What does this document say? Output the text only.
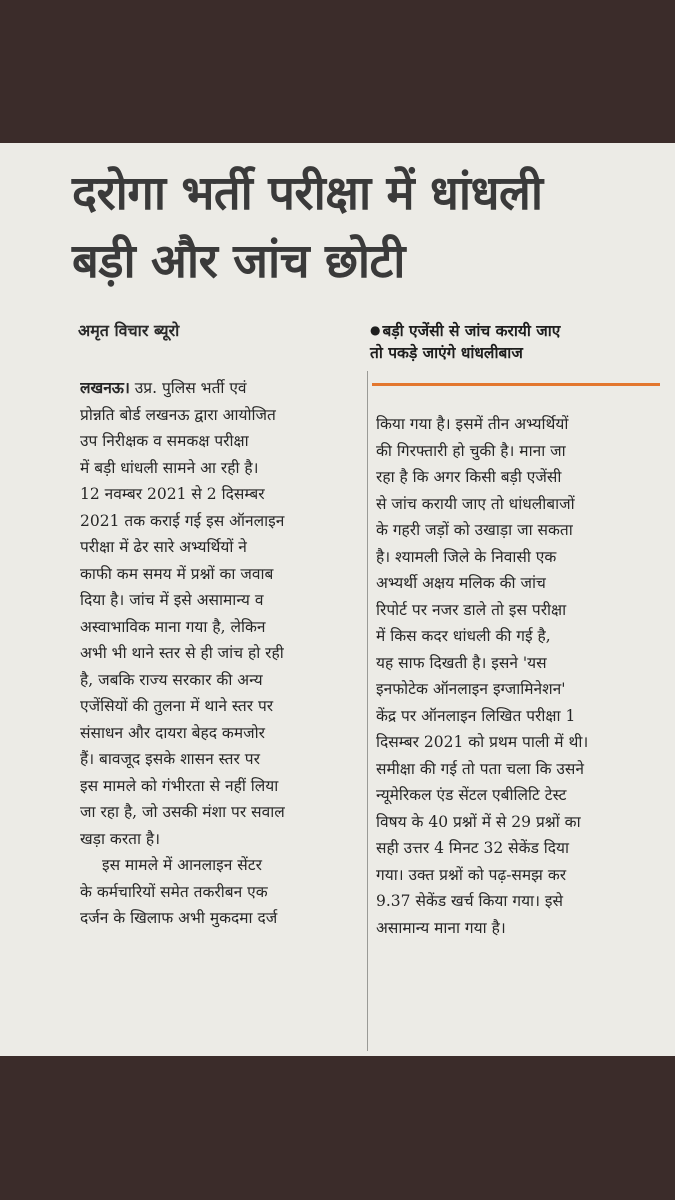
दरोगा भर्ती परीक्षा में धांधली
बड़ी और जांच छोटी
अमृत विचार ब्यूरो	● बड़ी एजेंसी से जांच करायी जाए
तो पकड़े जाएंगे धांधलीबाज
लखनऊ। उप्र. पुलिस भर्ती एवं
प्रोन्नति बोर्ड लखनऊ द्वारा आयोजित
उप निरीक्षक व समकक्ष परीक्षा
में बड़ी धांधली सामने आ रही है।
12 नवम्बर 2021 से 2 दिसम्बर
2021 तक कराई गई इस ऑनलाइन
परीक्षा में ढेर सारे अभ्यर्थियों ने
काफी कम समय में प्रश्नों का जवाब
दिया है। जांच में इसे असामान्य व
अस्वाभाविक माना गया है, लेकिन
अभी भी थाने स्तर से ही जांच हो रही
है, जबकि राज्य सरकार की अन्य
एजेंसियों की तुलना में थाने स्तर पर
संसाधन और दायरा बेहद कमजोर
हैं। बावजूद इसके शासन स्तर पर
इस मामले को गंभीरता से नहीं लिया
जा रहा है, जो उसकी मंशा पर सवाल
खड़ा करता है।
इस मामले में आनलाइन सेंटर
के कर्मचारियों समेत तकरीबन एक
दर्जन के खिलाफ अभी मुकदमा दर्ज
किया गया है। इसमें तीन अभ्यर्थियों
की गिरफ्तारी हो चुकी है। माना जा
रहा है कि अगर किसी बड़ी एजेंसी
से जांच करायी जाए तो धांधलीबाजों
के गहरी जड़ों को उखाड़ा जा सकता
है। श्यामली जिले के निवासी एक
अभ्यर्थी अक्षय मलिक की जांच
रिपोर्ट पर नजर डाले तो इस परीक्षा
में किस कदर धांधली की गई है,
यह साफ दिखती है। इसने 'यस
इनफोटेक ऑनलाइन इग्जामिनेशन'
केंद्र पर ऑनलाइन लिखित परीक्षा 1
दिसम्बर 2021 को प्रथम पाली में थी।
समीक्षा की गई तो पता चला कि उसने
न्यूमेरिकल एंड सेंटल एबीलिटि टेस्ट
विषय के 40 प्रश्नों में से 29 प्रश्नों का
सही उत्तर 4 मिनट 32 सेकेंड दिया
गया। उक्त प्रश्नों को पढ़-समझ कर
9.37 सेकेंड खर्च किया गया। इसे
असामान्य माना गया है।
